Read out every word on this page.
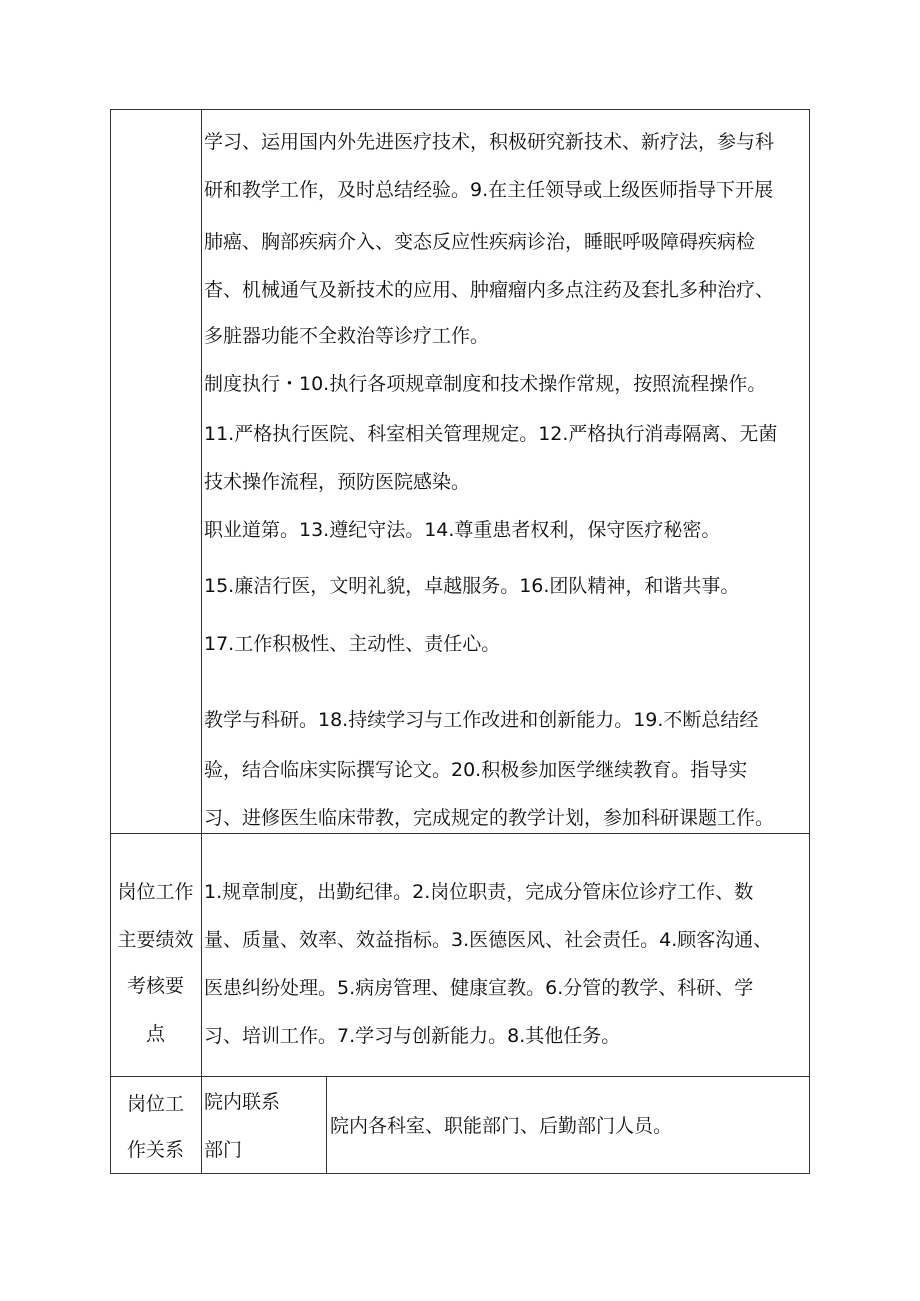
学习、运用国内外先进医疗技术，积极研究新技术、新疗法，参与科
研和教学工作，及时总结经验。9.在主任领导或上级医师指导下开展
肺癌、胸部疾病介入、变态反应性疾病诊治，睡眠呼吸障碍疾病检
杳、机械通气及新技术的应用、肿瘤瘤内多点注药及套扎多种治疗、
多脏器功能不全救治等诊疗工作。
制度执行・10.执行各项规章制度和技术操作常规，按照流程操作。
11.严格执行医院、科室相关管理规定。12.严格执行消毒隔离、无菌
技术操作流程，预防医院感染。
职业道第。13.遵纪守法。14.尊重患者权利，保守医疗秘密。
15.廉洁行医，文明礼貌，卓越服务。16.团队精神，和谐共事。
17.工作积极性、主动性、责任心。
教学与科研。18.持续学习与工作改进和创新能力。19.不断总结经
验，结合临床实际撰写论文。20.积极参加医学继续教育。指导实
习、进修医生临床带教，完成规定的教学计划，参加科研课题工作。
岗位工作
主要绩效
考核要
点
1.规章制度，出勤纪律。2.岗位职责，完成分管床位诊疗工作、数
量、质量、效率、效益指标。3.医德医风、社会责任。4.顾客沟通、
医患纠纷处理。5.病房管理、健康宣教。6.分管的教学、科研、学
习、培训工作。7.学习与创新能力。8.其他任务。
岗位工
作关系
院内联系
部门
院内各科室、职能部门、后勤部门人员。
